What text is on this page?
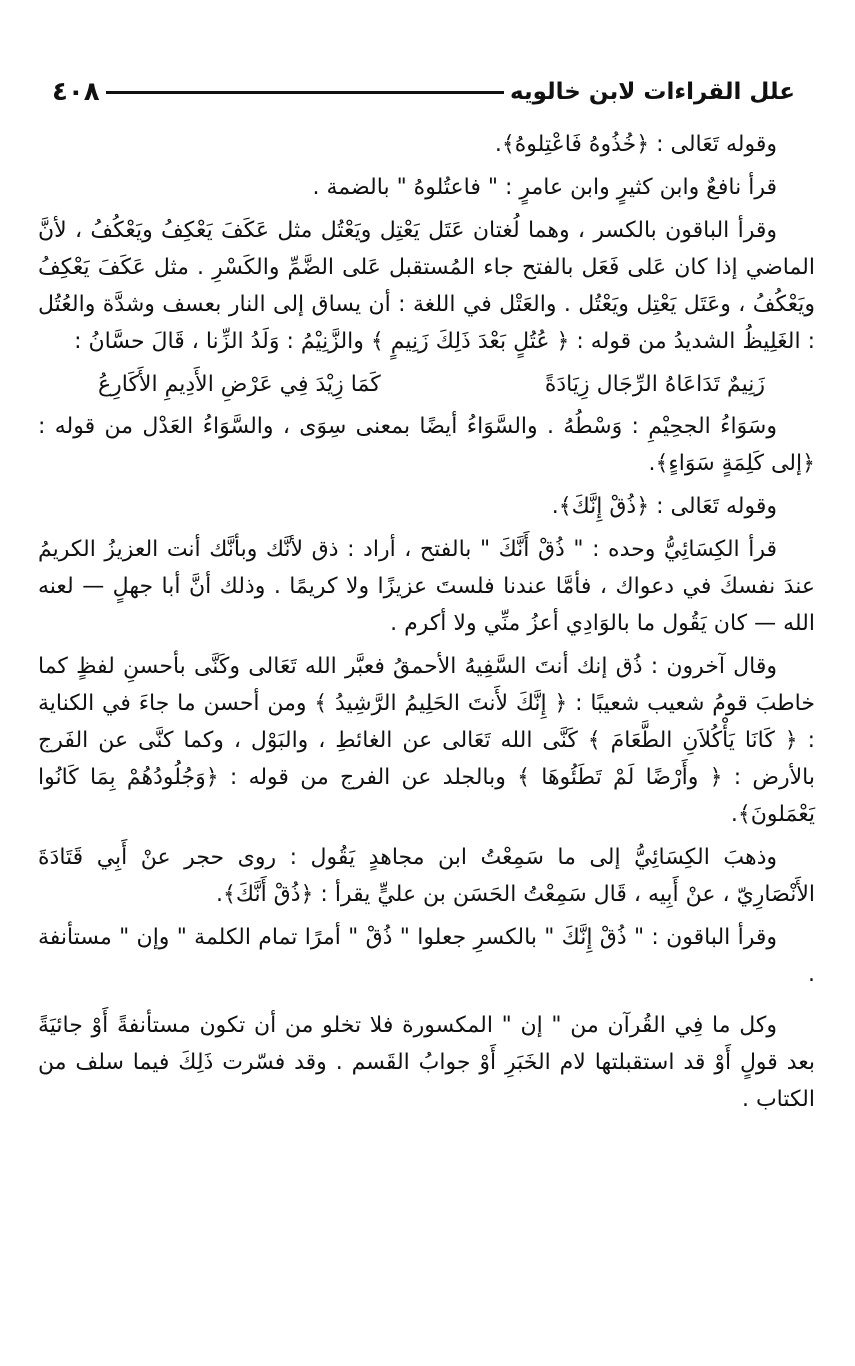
علل القراءات لابن خالويه
٤٠٨

وقوله تَعَالى : ﴿خُذُوهُ فَاعْتِلوهُ﴾.

قرأ نافعٌ وابن كثيرٍ وابن عامرٍ : " فاعتُلوهُ " بالضمة .

وقرأ الباقون بالكسر ، وهما لُغتان عَتَل يَعْتِل ويَعْتُل مثل عَكَفَ يَعْكِفُ ويَعْكُفُ ، لأنَّ الماضي إذا كان عَلى فَعَل بالفتح جاء المُستقبل عَلى الضَّمِّ والكَسْرِ . مثل عَكَفَ يَعْكِفُ ويَعْكُفُ ، وعَتَل يَعْتِل ويَعْتُل . والعَتْل في اللغة : أن يساق إلى النار بعسف وشدَّة والعُتُل : الغَلِيظُ الشديدُ من قوله : ﴿ عُتُلٍ بَعْدَ ذَلِكَ زَنِيمٍ ﴾ والزَّنِيْمُ : وَلَدُ الزِّنا ، قَالَ حسَّانُ :

زَنِيمٌ تَدَاعَاهُ الرِّجَال زِيَادَةً
كَمَا زِيْدَ فِي عَرْضِ الأَدِيمِ الأَكَارِعُ

وسَوَاءُ الجحِيْمِ : وَسْطُهُ . والسَّوَاءُ أيضًا بمعنى سِوَى ، والسَّوَاءُ العَدْل من قوله : ﴿إلى كَلِمَةٍ سَوَاءٍ﴾.

وقوله تَعَالى : ﴿ذُقْ إِنَّكَ﴾.

قرأ الكِسَائِيُّ وحده : " ذُقْ أَنَّكَ " بالفتح ، أراد : ذق لأنَّك وبأنَّك أنت العزيزُ الكريمُ عندَ نفسكَ في دعواك ، فأمَّا عندنا فلستَ عزيزًا ولا كريمًا . وذلك أنَّ أبا جهلٍ — لعنه الله — كان يَقُول ما بالوَادِي أعزُ منِّي ولا أكرم .

وقال آخرون : ذُق إنك أنتَ السَّفِيهُ الأحمقُ فعبَّر الله تَعَالى وكَنَّى بأحسنِ لفظٍ كما خاطبَ قومُ شعيب شعيبًا : ﴿ إِنَّكَ لأَنتَ الحَلِيمُ الرَّشِيدُ ﴾ ومن أحسن ما جاءَ في الكناية : ﴿ كَانَا يَأْكُلاَنِ الطَّعَامَ ﴾ كَنَّى الله تَعَالى عن الغائطِ ، والبَوْل ، وكما كنَّى عن الفَرج بالأرض : ﴿ وأَرْضًا لَمْ تَطَئُوهَا ﴾ وبالجلد عن الفرج من قوله : ﴿وَجُلُودُهُمْ بِمَا كَانُوا يَعْمَلونَ﴾.

وذهبَ الكِسَائِيُّ إلى ما سَمِعْتُ ابن مجاهدٍ يَقُول : روى حجر عنْ أَبِي قَتَادَةَ الأَنْصَارِيّ ، عنْ أَبِيه ، قَال سَمِعْتُ الحَسَن بن عليٍّ يقرأ : ﴿ذُقْ أَنَّكَ﴾.

وقرأ الباقون : " ذُقْ إِنَّكَ " بالكسرِ جعلوا " ذُقْ " أمرًا تمام الكلمة " وإن " مستأنفة .

وكل ما فِي القُرآن من " إن " المكسورة فلا تخلو من أن تكون مستأنفةً أَوْ جائيَةً بعد قولٍ أَوْ قد استقبلتها لام الخَبَرِ أَوْ جوابُ القَسم . وقد فسّرت ذَلِكَ فيما سلف من الكتاب .
